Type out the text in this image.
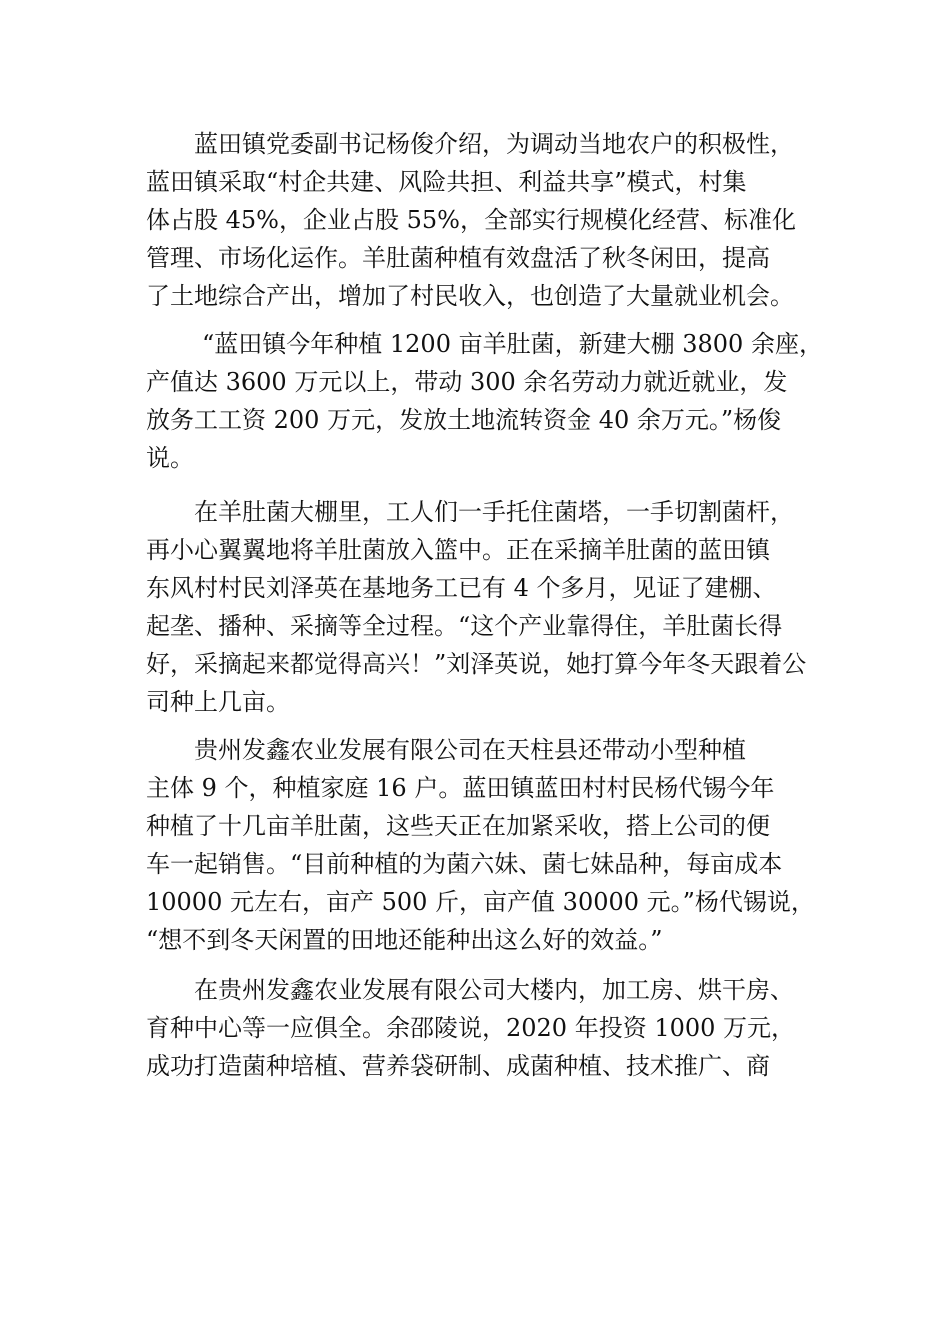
蓝田镇党委副书记杨俊介绍，为调动当地农户的积极性，
蓝田镇采取“村企共建、风险共担、利益共享”模式，村集
体占股 45%，企业占股 55%，全部实行规模化经营、标准化
管理、市场化运作。羊肚菌种植有效盘活了秋冬闲田，提高
了土地综合产出，增加了村民收入，也创造了大量就业机会。
“蓝田镇今年种植 1200 亩羊肚菌，新建大棚 3800 余座，
产值达 3600 万元以上，带动 300 余名劳动力就近就业，发
放务工工资 200 万元，发放土地流转资金 40 余万元。”杨俊
说。
在羊肚菌大棚里，工人们一手托住菌塔，一手切割菌杆，
再小心翼翼地将羊肚菌放入篮中。正在采摘羊肚菌的蓝田镇
东风村村民刘泽英在基地务工已有 4 个多月，见证了建棚、
起垄、播种、采摘等全过程。“这个产业靠得住，羊肚菌长得
好，采摘起来都觉得高兴！”刘泽英说，她打算今年冬天跟着公
司种上几亩。
贵州发鑫农业发展有限公司在天柱县还带动小型种植
主体 9 个，种植家庭 16 户。蓝田镇蓝田村村民杨代锡今年
种植了十几亩羊肚菌，这些天正在加紧采收，搭上公司的便
车一起销售。“目前种植的为菌六妹、菌七妹品种，每亩成本
10000 元左右，亩产 500 斤，亩产值 30000 元。”杨代锡说，
“想不到冬天闲置的田地还能种出这么好的效益。”
在贵州发鑫农业发展有限公司大楼内，加工房、烘干房、
育种中心等一应俱全。余邵陵说，2020 年投资 1000 万元，
成功打造菌种培植、营养袋研制、成菌种植、技术推广、商
